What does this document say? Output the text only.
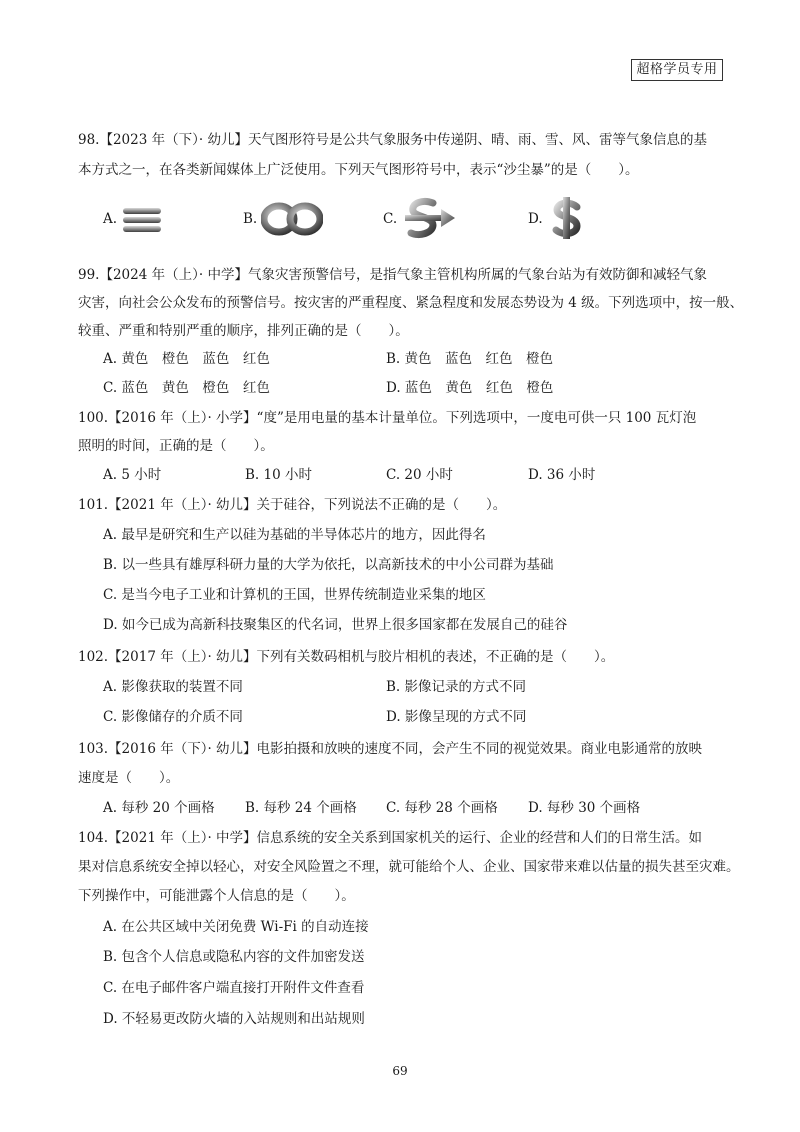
超格学员专用
98.【2023 年（下）· 幼儿】天气图形符号是公共气象服务中传递阴、晴、雨、雪、风、雷等气象信息的基
本方式之一，在各类新闻媒体上广泛使用。下列天气图形符号中，表示“沙尘暴”的是（　　）。
A.	B.	C.	D.
99.【2024 年（上）· 中学】气象灾害预警信号，是指气象主管机构所属的气象台站为有效防御和减轻气象
灾害，向社会公众发布的预警信号。按灾害的严重程度、紧急程度和发展态势设为 4 级。下列选项中，按一般、
较重、严重和特别严重的顺序，排列正确的是（　　）。
A. 黄色　橙色　蓝色　红色	B. 黄色　蓝色　红色　橙色
C. 蓝色　黄色　橙色　红色	D. 蓝色　黄色　红色　橙色
100.【2016 年（上）· 小学】“度”是用电量的基本计量单位。下列选项中，一度电可供一只 100 瓦灯泡
照明的时间，正确的是（　　）。
A. 5 小时	B. 10 小时	C. 20 小时	D. 36 小时
101.【2021 年（上）· 幼儿】关于硅谷，下列说法不正确的是（　　）。
A. 最早是研究和生产以硅为基础的半导体芯片的地方，因此得名
B. 以一些具有雄厚科研力量的大学为依托，以高新技术的中小公司群为基础
C. 是当今电子工业和计算机的王国，世界传统制造业采集的地区
D. 如今已成为高新科技聚集区的代名词，世界上很多国家都在发展自己的硅谷
102.【2017 年（上）· 幼儿】下列有关数码相机与胶片相机的表述，不正确的是（　　）。
A. 影像获取的装置不同	B. 影像记录的方式不同
C. 影像储存的介质不同	D. 影像呈现的方式不同
103.【2016 年（下）· 幼儿】电影拍摄和放映的速度不同，会产生不同的视觉效果。商业电影通常的放映
速度是（　　）。
A. 每秒 20 个画格 B. 每秒 24 个画格 C. 每秒 28 个画格 D. 每秒 30 个画格
104.【2021 年（上）· 中学】信息系统的安全关系到国家机关的运行、企业的经营和人们的日常生活。如
果对信息系统安全掉以轻心，对安全风险置之不理，就可能给个人、企业、国家带来难以估量的损失甚至灾难。
下列操作中，可能泄露个人信息的是（　　）。
A. 在公共区域中关闭免费 Wi-Fi 的自动连接
B. 包含个人信息或隐私内容的文件加密发送
C. 在电子邮件客户端直接打开附件文件查看
D. 不轻易更改防火墙的入站规则和出站规则
69
